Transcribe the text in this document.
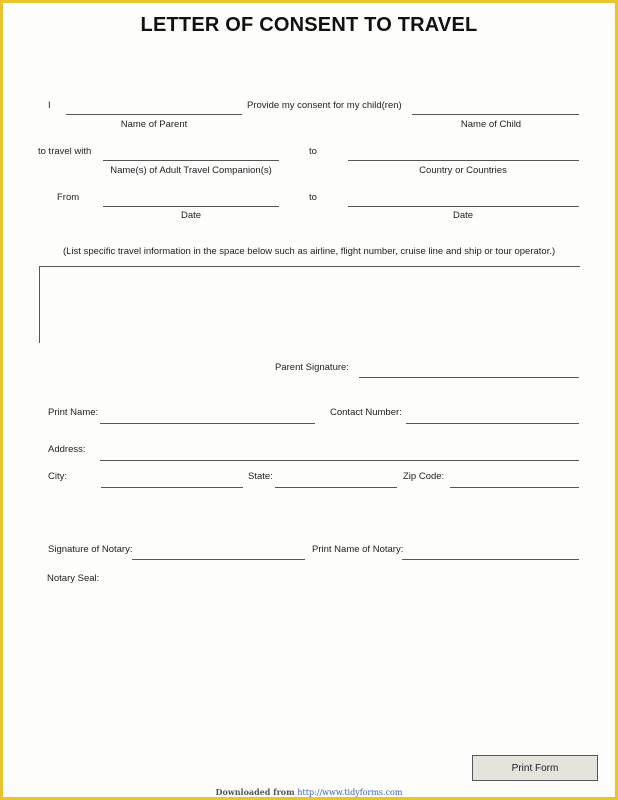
LETTER OF CONSENT TO TRAVEL
I	Provide my consent for my child(ren)
Name of Parent	Name of Child
to travel with	to
Name(s) of Adult Travel Companion(s)	Country or Countries
From	to
Date	Date
(List specific travel information in the space below such as airline, flight number, cruise line and ship or tour operator.)
Parent Signature:
Print Name:	Contact Number:
Address:
City:	State:	Zip Code:
Signature of Notary:	Print Name of Notary:
Notary Seal:
Print Form
Downloaded from http://www.tidyforms.com
